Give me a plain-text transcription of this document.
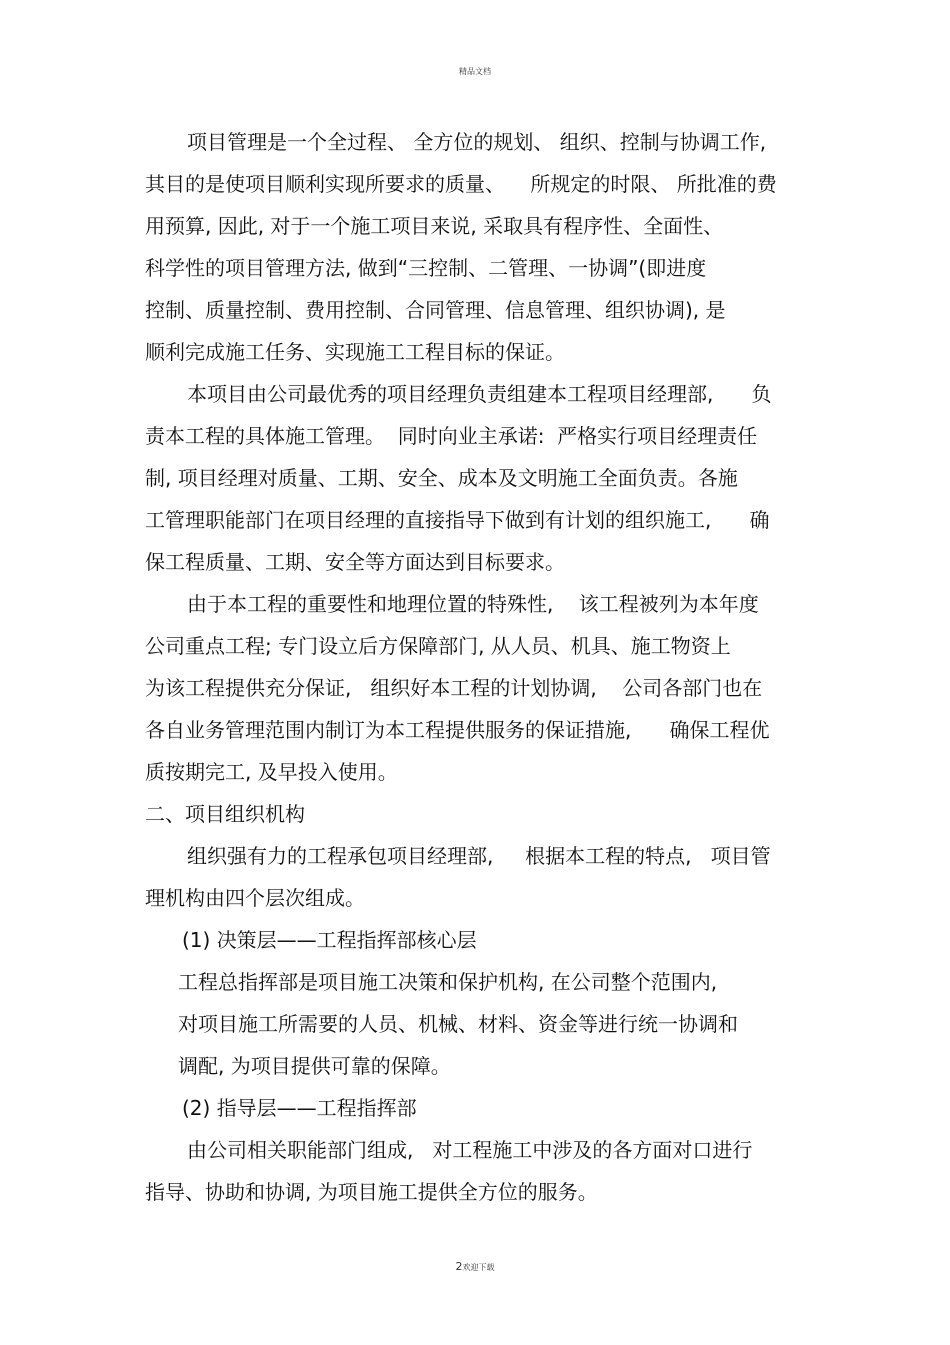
精品文档
项目管理是一个全过程、 全方位的规划、 组织、控制与协调工作,
其目的是使项目顺利实现所要求的质量、    所规定的时限、 所批准的费
用预算, 因此, 对于一个施工项目来说, 采取具有程序性、全面性、
科学性的项目管理方法, 做到“三控制、二管理、一协调”(即进度
控制、质量控制、费用控制、合同管理、信息管理、组织协调), 是
顺利完成施工任务、实现施工工程目标的保证。
本项目由公司最优秀的项目经理负责组建本工程项目经理部,      负
责本工程的具体施工管理。  同时向业主承诺:  严格实行项目经理责任
制, 项目经理对质量、工期、安全、成本及文明施工全面负责。各施
工管理职能部门在项目经理的直接指导下做到有计划的组织施工,      确
保工程质量、工期、安全等方面达到目标要求。
由于本工程的重要性和地理位置的特殊性,    该工程被列为本年度
公司重点工程; 专门设立后方保障部门, 从人员、机具、施工物资上
为该工程提供充分保证,   组织好本工程的计划协调,    公司各部门也在
各自业务管理范围内制订为本工程提供服务的保证措施,      确保工程优
质按期完工, 及早投入使用。
二、项目组织机构
组织强有力的工程承包项目经理部,     根据本工程的特点,   项目管
理机构由四个层次组成。
(1) 决策层——工程指挥部核心层
工程总指挥部是项目施工决策和保护机构, 在公司整个范围内,
对项目施工所需要的人员、机械、材料、资金等进行统一协调和
调配, 为项目提供可靠的保障。
(2) 指导层——工程指挥部
由公司相关职能部门组成,   对工程施工中涉及的各方面对口进行
指导、协助和协调, 为项目施工提供全方位的服务。
2欢迎下载
